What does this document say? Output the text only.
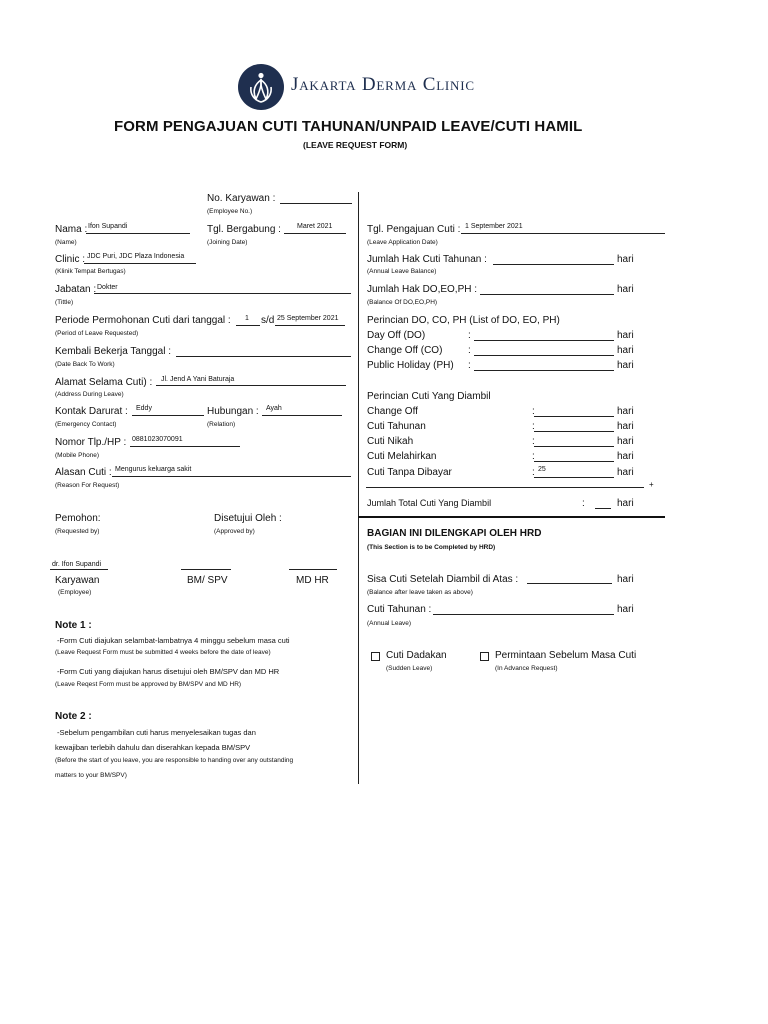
Jakarta Derma Clinic
FORM PENGAJUAN CUTI TAHUNAN/UNPAID LEAVE/CUTI HAMIL
(LEAVE REQUEST FORM)
No. Karyawan :
(Employee No.)
Nama : Ifon Supandi
(Name)
Tgl. Bergabung : Maret 2021
(Joining Date)
Clinic : JDC Puri, JDC Plaza Indonesia
(Klinik Tempat Bertugas)
Jabatan : Dokter
(Tittle)
Periode Permohonan Cuti dari tanggal : 1 s/d 25 September 2021
(Period of Leave Requested)
Kembali Bekerja Tanggal :
(Date Back To Work)
Alamat Selama Cuti) : Jl. Jend A Yani Baturaja
(Address During Leave)
Kontak Darurat : Eddy
(Emergency Contact)
Hubungan : Ayah
(Relation)
Nomor Tlp./HP : 0881023070091
(Mobile Phone)
Alasan Cuti : Mengurus keluarga sakit
(Reason For Request)
Pemohon:
(Requested by)
Disetujui Oleh :
(Approved by)
dr. Ifon Supandi
Karyawan
(Employee)
BM/ SPV	MD HR
Note 1 :
-Form Cuti diajukan selambat-lambatnya 4 minggu sebelum masa cuti
(Leave Request Form must be submitted 4 weeks before the date of leave)
-Form Cuti yang diajukan harus disetujui oleh BM/SPV dan MD HR
(Leave Reqest Form must be approved by BM/SPV and MD HR)
Note 2 :
-Sebelum pengambilan cuti harus menyelesaikan tugas dan
kewajiban terlebih dahulu dan diserahkan kepada BM/SPV
(Before the start of you leave, you are responsible to handing over any outstanding
matters to your BM/SPV)
Tgl. Pengajuan Cuti : 1 September 2021
(Leave Application Date)
Jumlah Hak Cuti Tahunan :	hari
(Annual Leave Balance)
Jumlah Hak DO,EO,PH :	hari
(Balance Of DO,EO,PH)
Perincian DO, CO, PH (List of DO, EO, PH)
Day Off (DO)	:	hari
Change Off (CO)	:	hari
Public Holiday (PH) :	hari
Perincian Cuti Yang Diambil
Change Off	:	hari
Cuti Tahunan	:	hari
Cuti Nikah	:	hari
Cuti Melahirkan	:	hari
Cuti Tanpa Dibayar	: 25	hari
+
Jumlah Total Cuti Yang Diambil	:	hari
BAGIAN INI DILENGKAPI OLEH HRD
(This Section is to be Completed by HRD)
Sisa Cuti Setelah Diambil di Atas :	hari
(Balance after leave taken as above)
Cuti Tahunan :	hari
(Annual Leave)
Cuti Dadakan
(Sudden Leave)
Permintaan Sebelum Masa Cuti
(In Advance Request)
